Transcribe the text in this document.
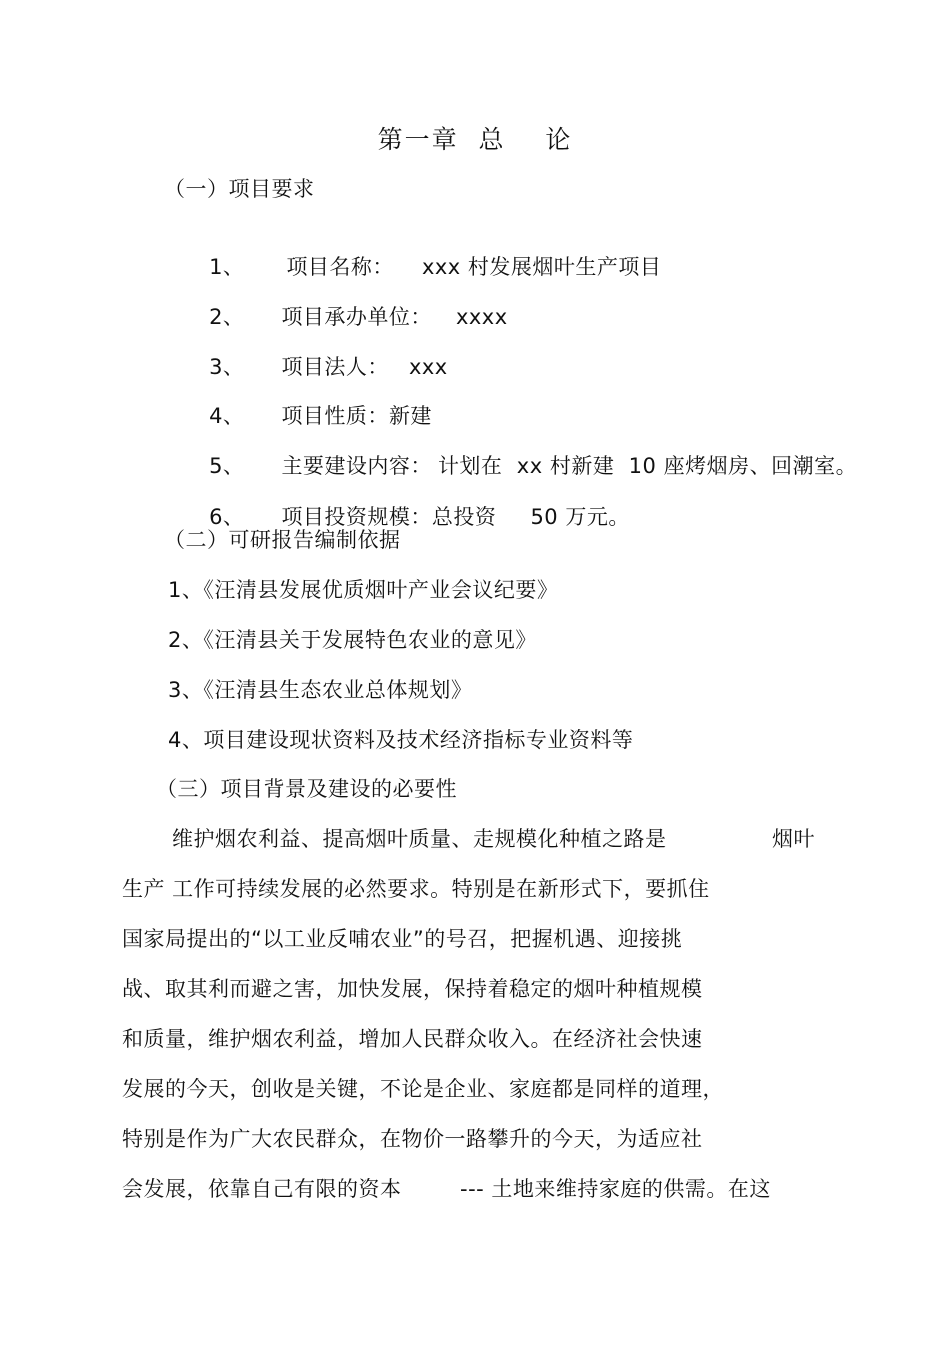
第一章  总    论
（一）项目要求

1、 项目名称： xxx 村发展烟叶生产项目

2、 项目承办单位： xxxx

3、 项目法人： xxx

4、 项目性质：新建

5、 主要建设内容： 计划在  xx 村新建  10 座烤烟房、回潮室。

6、 项目投资规模：总投资 50 万元。

（二）可研报告编制依据
1、《汪清县发展优质烟叶产业会议纪要》
2、《汪清县关于发展特色农业的意见》
3、《汪清县生态农业总体规划》
4、项目建设现状资料及技术经济指标专业资料等
（三）项目背景及建设的必要性
维护烟农利益、提高烟叶质量、走规模化种植之路是	烟叶
生产 工作可持续发展的必然要求。特别是在新形式下，要抓住
国家局提出的“以工业反哺农业”的号召，把握机遇、迎接挑
战、取其利而避之害，加快发展，保持着稳定的烟叶种植规模
和质量，维护烟农利益，增加人民群众收入。在经济社会快速
发展的今天，创收是关键，不论是企业、家庭都是同样的道理，
特别是作为广大农民群众，在物价一路攀升的今天，为适应社
会发展，依靠自己有限的资本	--- 土地来维持家庭的供需。在这
